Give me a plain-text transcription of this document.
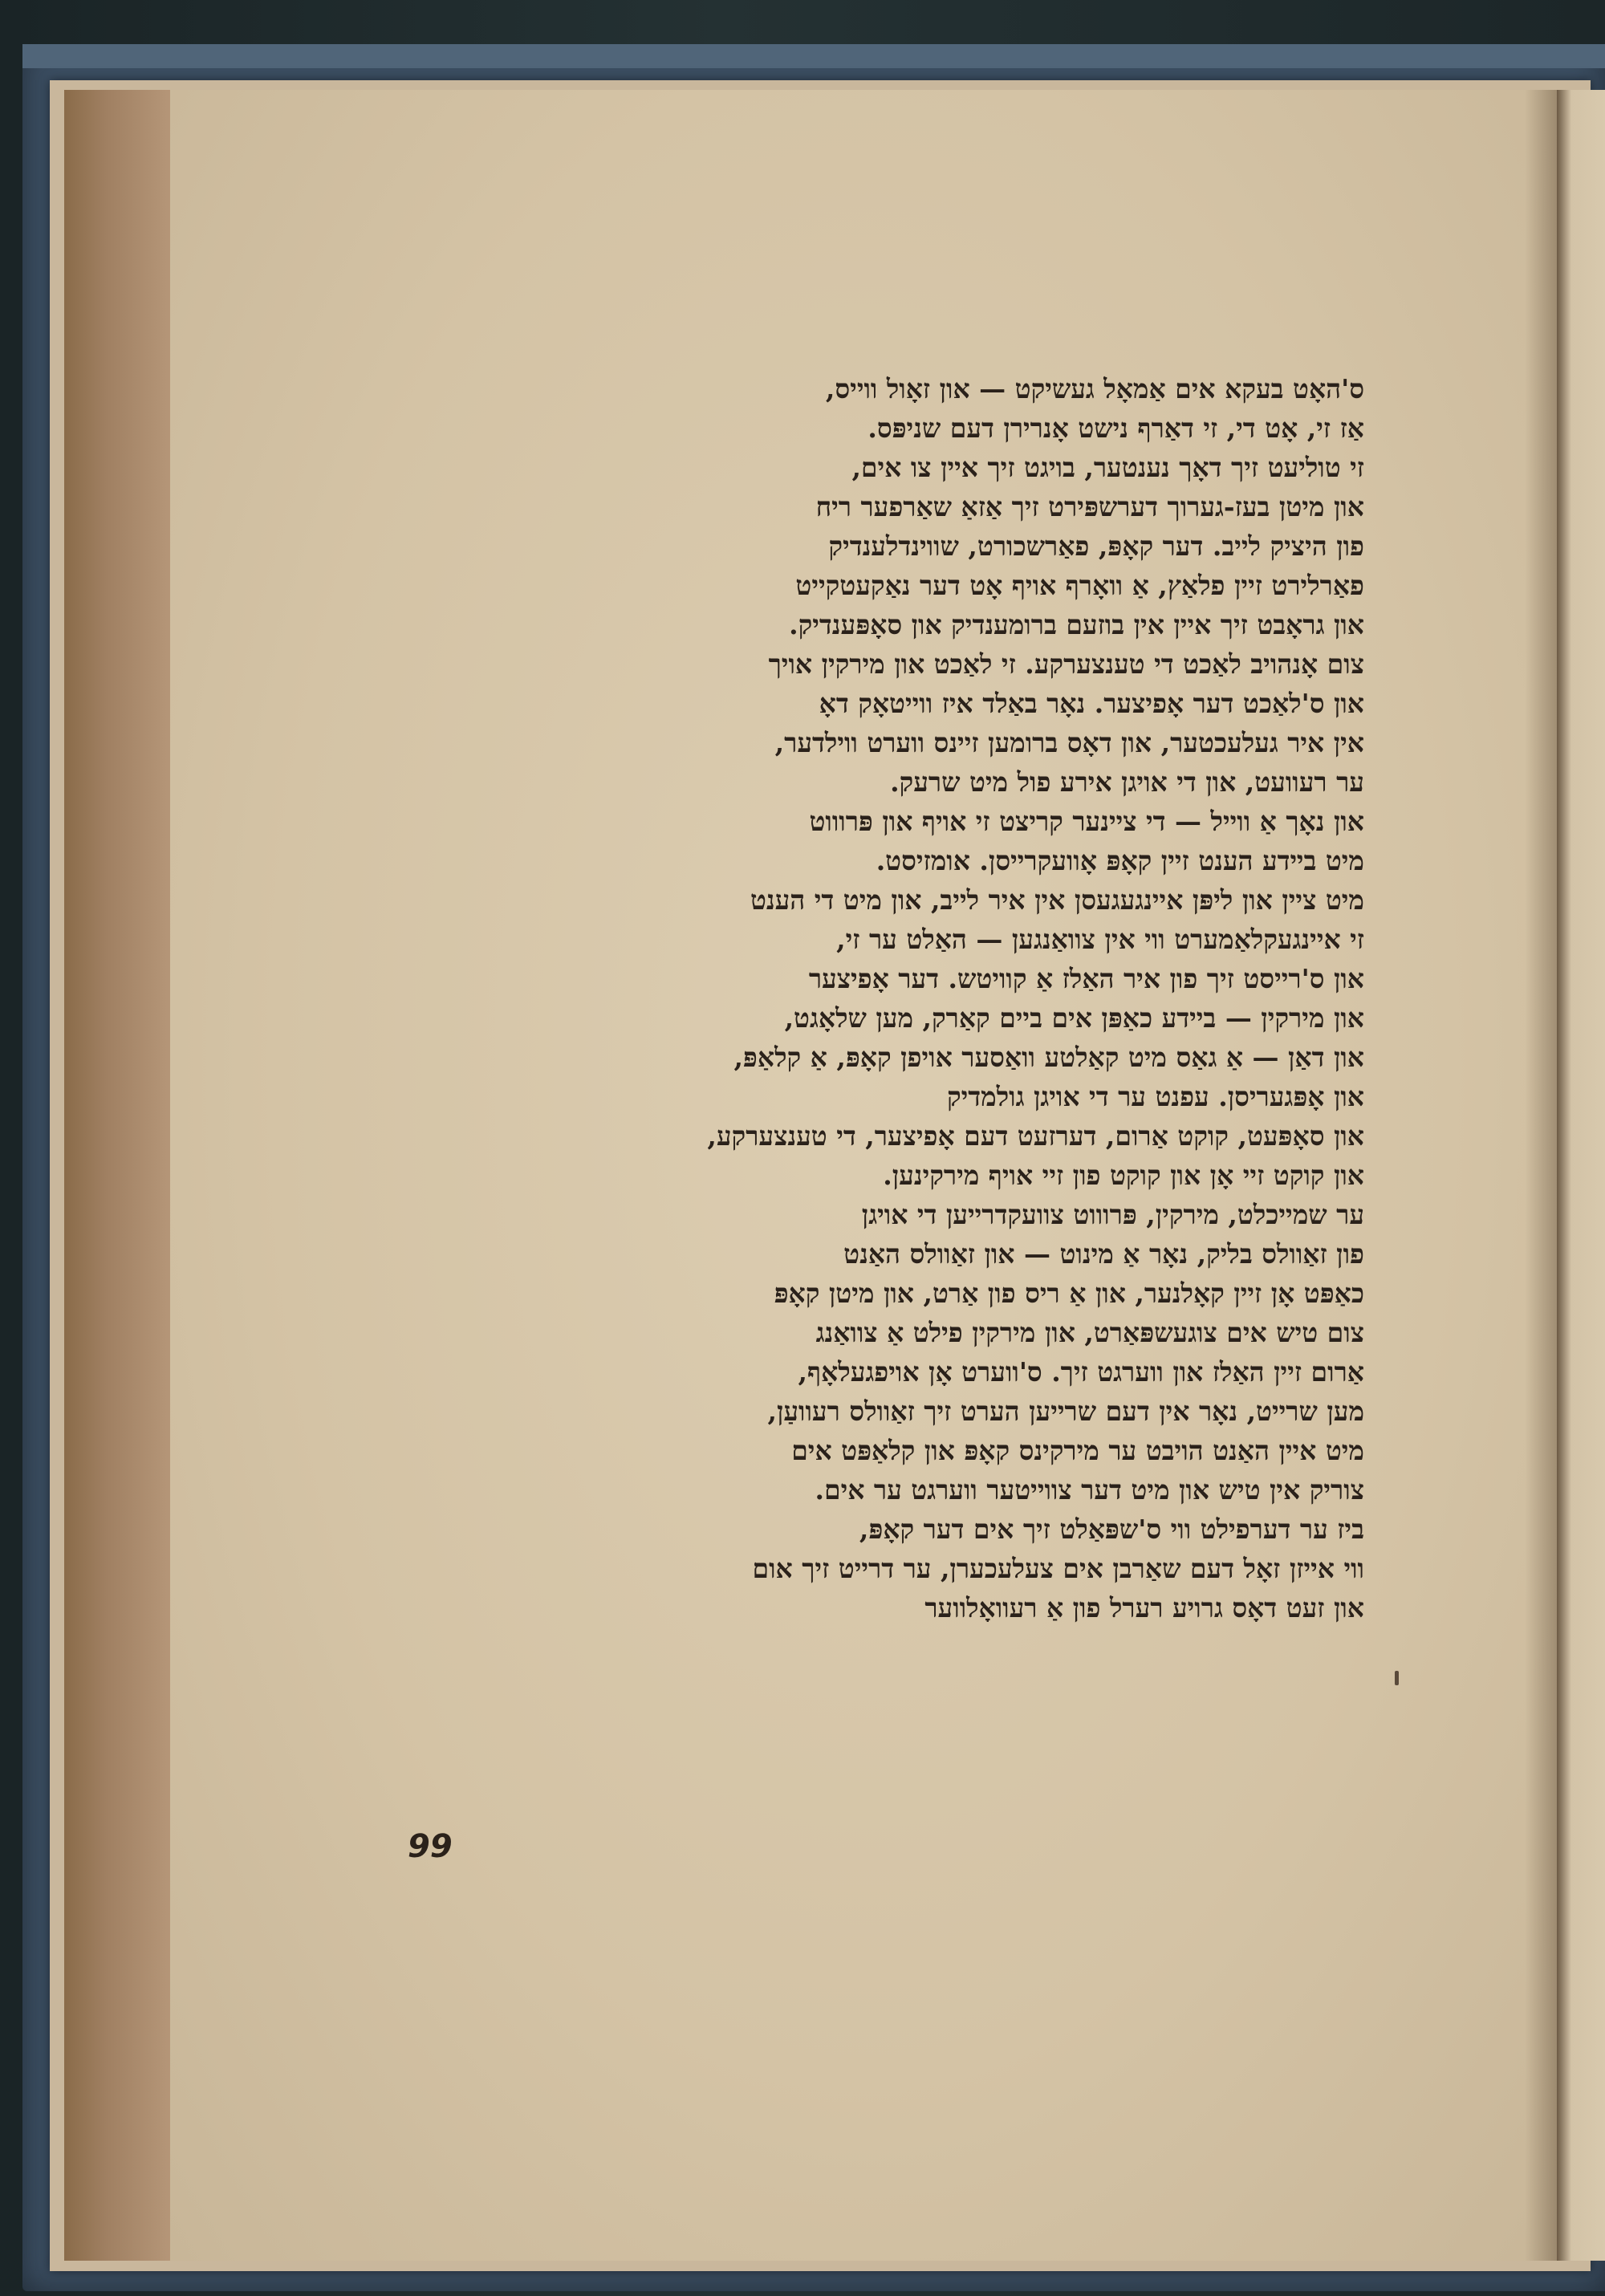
ס'האָט בעקא אים אַמאָל געשיקט — און זאָול ווייס,
אַז זי, אָט די, זי דאַרף נישט אָנרירן דעם שניפּס.
זי טוליעט זיך דאָך נענטער, בויגט זיך איין צו אים,
און מיטן בעז-גערוך דערשפּירט זיך אַזאַ שאַרפער ריח
פון היציק לייב. דער קאָפּ, פאַרשכורט, שווינדלענדיק
פאַרלירט זיין פלאַץ, אַ וואָרף אויף אָט דער נאַקעטקייט
און גראָבט זיך איין אין בוזעם ברומענדיק און סאָפּענדיק.
צום אָנהויב לאַכט די טענצערקע. זי לאַכט און מירקין אויך
און ס'לאַכט דער אָפיצער. נאָר באַלד איז ווייטאָק דאָ
אין איר געלעכטער, און דאָס ברומען זיינס ווערט ווילדער,
ער רעוועט, און די אויגן אירע פול מיט שרעק.
און נאָך אַ ווייל — די ציינער קריצט זי אויף און פּרוווט
מיט בײדע הענט זיין קאָפּ אָוועקרייסן. אומזיסט.
מיט ציין און ליפּן איינגעגעסן אין איר לייב, און מיט די הענט
זי איינגעקלאַמערט ווי אין צוואַנגען — האַלט ער זי,
און ס'רייסט זיך פון איר האַלז אַ קוויטש. דער אָפיצער
און מירקין — ביידע כאַפּן אים ביים קאַרק, מען שלאָגט,
און דאַן — אַ גאַס מיט קאַלטע וואַסער אויפן קאָפּ, אַ קלאַפּ,
און אָפּגעריסן. עפנט ער די אויגן גולמדיק
און סאָפּעט, קוקט אַרום, דערזעט דעם אָפיצער, די טענצערקע,
און קוקט זיי אָן און קוקט פון זיי אויף מירקינען.
ער שמייכלט, מירקין, פּרוווט צוועקדרייען די אויגן
פון זאַוולס בליק, נאָר אַ מינוט — און זאַוולס האַנט
כאַפּט אָן זיין קאָלנער, און אַ ריס פון אַרט, און מיטן קאָפּ
צום טיש אים צוגעשפּאַרט, און מירקין פילט אַ צוואַנג
אַרום זיין האַלז און ווערגט זיך. ס'ווערט אָן אויפגעלאָף,
מען שרייט, נאָר אין דעם שרייען הערט זיך זאַוולס רעוועַן,
מיט איין האַנט הויבט ער מירקינס קאָפּ און קלאַפּט אים
צוריק אין טיש און מיט דער צווייטער ווערגט ער אים.
ביז ער דערפילט ווי ס'שפּאַלט זיך אים דער קאָפּ,
ווי אייזן זאָל דעם שאַרבן אים צעלעכערן, ער דרייט זיך אום
און זעט דאָס גרויע רערל פון אַ רעוואָלווער
99
